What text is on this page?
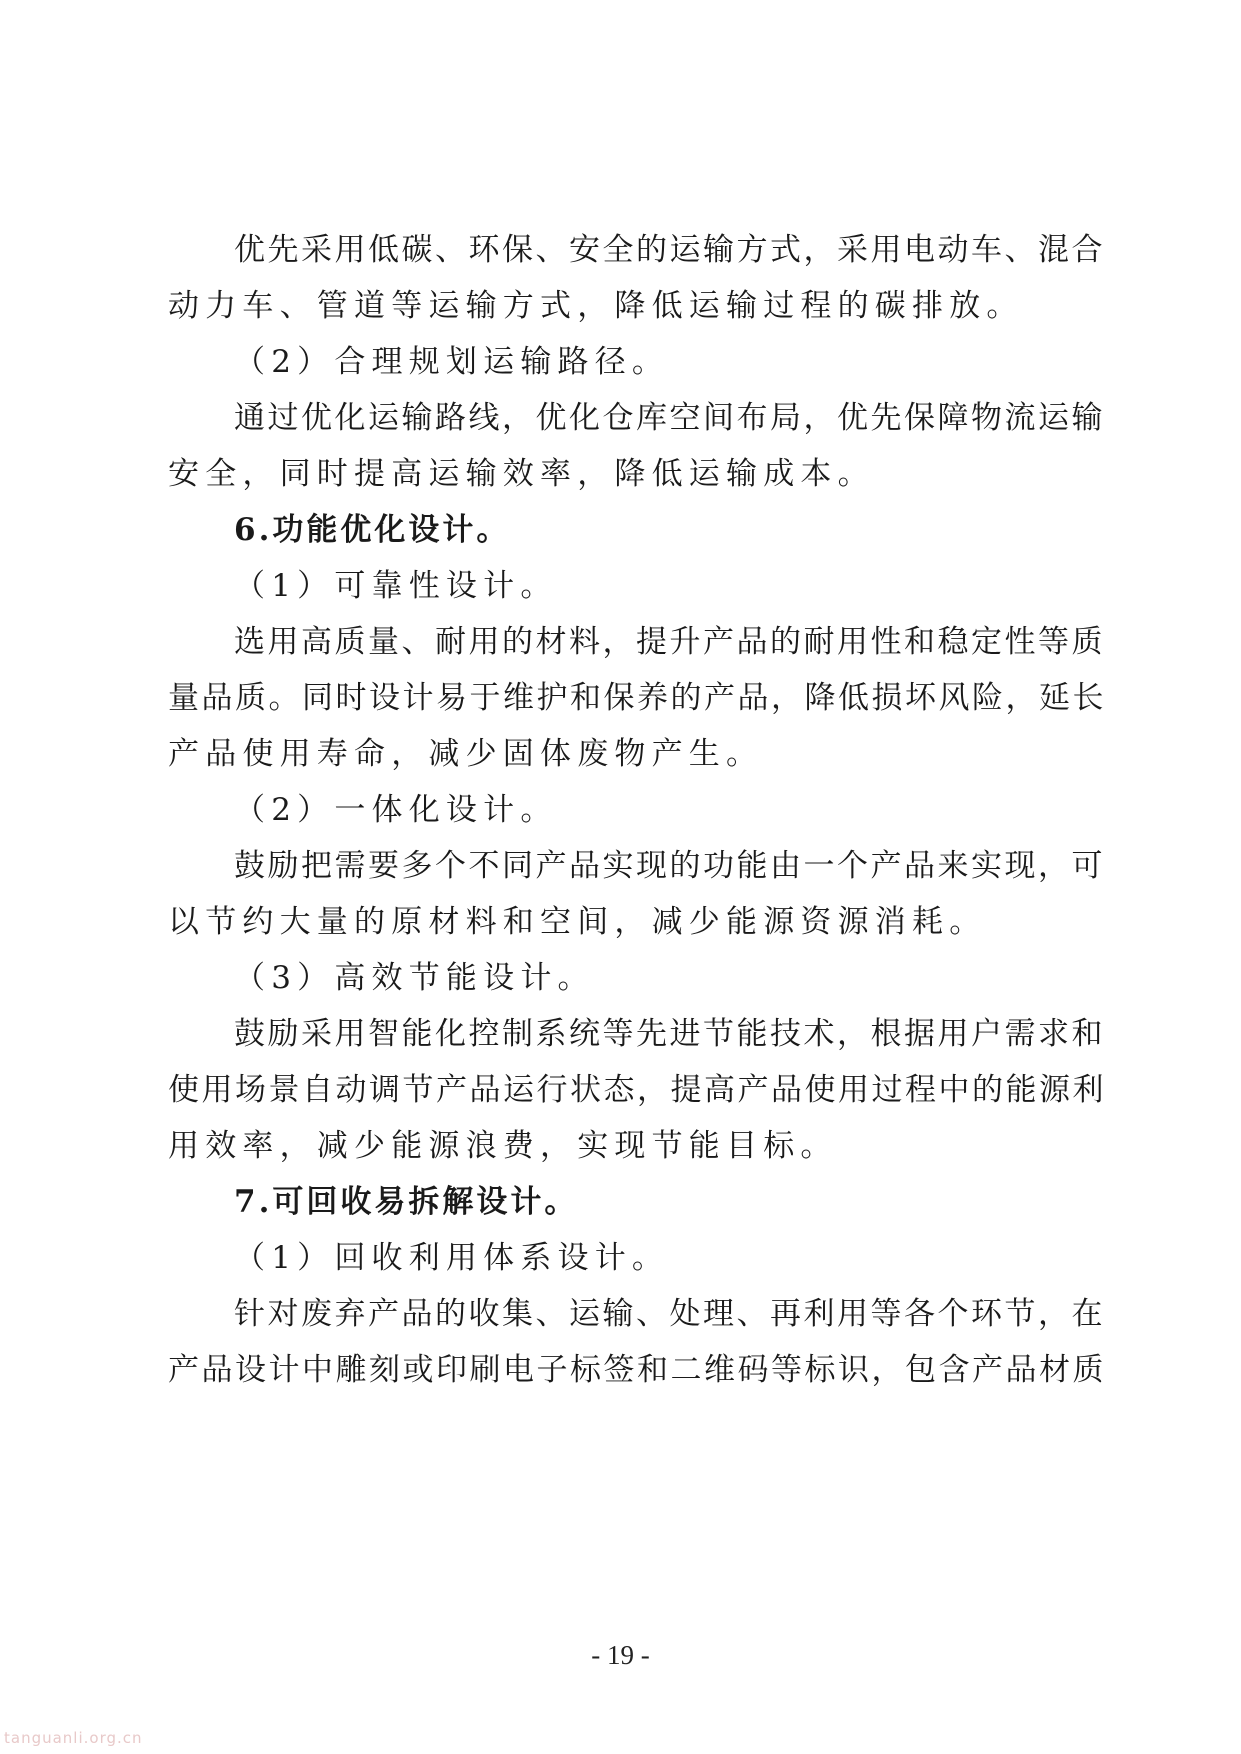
优先采用低碳、环保、安全的运输方式，采用电动车、混合
动力车、管道等运输方式，降低运输过程的碳排放。
（2）合理规划运输路径。
通过优化运输路线，优化仓库空间布局，优先保障物流运输
安全，同时提高运输效率，降低运输成本。
6.功能优化设计。
（1）可靠性设计。
选用高质量、耐用的材料，提升产品的耐用性和稳定性等质
量品质。同时设计易于维护和保养的产品，降低损坏风险，延长
产品使用寿命，减少固体废物产生。
（2）一体化设计。
鼓励把需要多个不同产品实现的功能由一个产品来实现，可
以节约大量的原材料和空间，减少能源资源消耗。
（3）高效节能设计。
鼓励采用智能化控制系统等先进节能技术，根据用户需求和
使用场景自动调节产品运行状态，提高产品使用过程中的能源利
用效率，减少能源浪费，实现节能目标。
7.可回收易拆解设计。
（1）回收利用体系设计。
针对废弃产品的收集、运输、处理、再利用等各个环节，在
产品设计中雕刻或印刷电子标签和二维码等标识，包含产品材质
- 19 -
tanguanli.org.cn
